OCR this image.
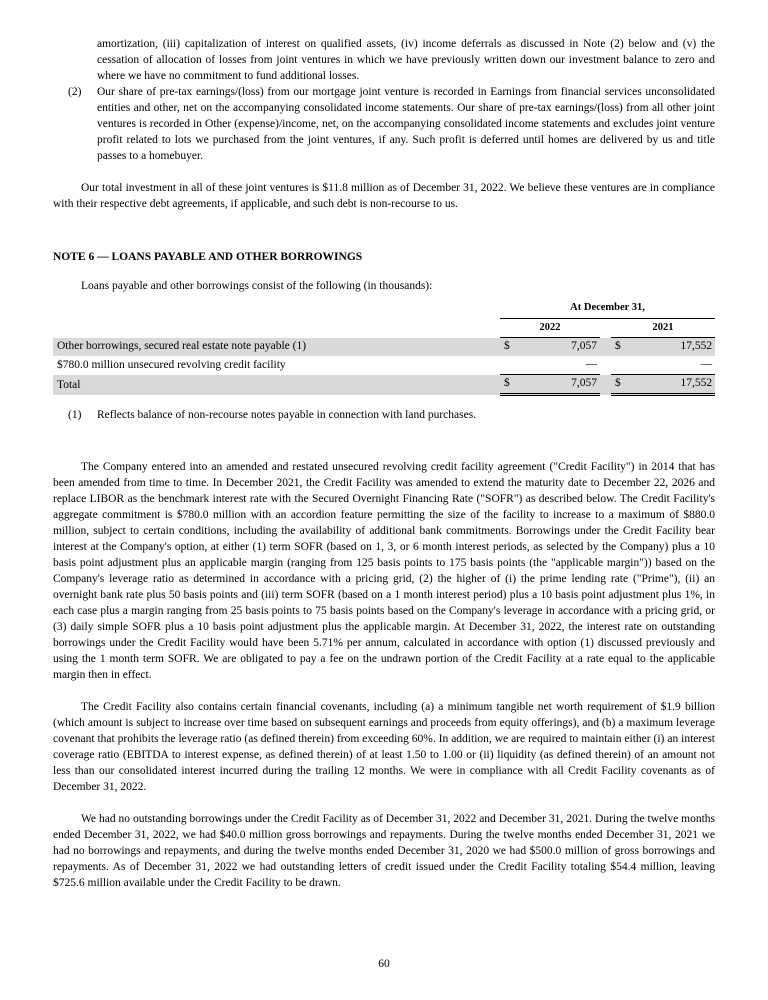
amortization, (iii) capitalization of interest on qualified assets, (iv) income deferrals as discussed in Note (2) below and (v) the cessation of allocation of losses from joint ventures in which we have previously written down our investment balance to zero and where we have no commitment to fund additional losses.
(2) Our share of pre-tax earnings/(loss) from our mortgage joint venture is recorded in Earnings from financial services unconsolidated entities and other, net on the accompanying consolidated income statements. Our share of pre-tax earnings/(loss) from all other joint ventures is recorded in Other (expense)/income, net, on the accompanying consolidated income statements and excludes joint venture profit related to lots we purchased from the joint ventures, if any. Such profit is deferred until homes are delivered by us and title passes to a homebuyer.

Our total investment in all of these joint ventures is $11.8 million as of December 31, 2022. We believe these ventures are in compliance with their respective debt agreements, if applicable, and such debt is non-recourse to us.

NOTE 6 — LOANS PAYABLE AND OTHER BORROWINGS

Loans payable and other borrowings consist of the following (in thousands):

	At December 31,				
	2022			2021	
Other borrowings, secured real estate note payable (1)	$	7,057		$	17,552
$780.0 million unsecured revolving credit facility		—			—
Total	$	7,057		$	17,552
(1) Reflects balance of non-recourse notes payable in connection with land purchases.

The Company entered into an amended and restated unsecured revolving credit facility agreement ("Credit Facility") in 2014 that has been amended from time to time. In December 2021, the Credit Facility was amended to extend the maturity date to December 22, 2026 and replace LIBOR as the benchmark interest rate with the Secured Overnight Financing Rate ("SOFR") as described below. The Credit Facility's aggregate commitment is $780.0 million with an accordion feature permitting the size of the facility to increase to a maximum of $880.0 million, subject to certain conditions, including the availability of additional bank commitments. Borrowings under the Credit Facility bear interest at the Company's option, at either (1) term SOFR (based on 1, 3, or 6 month interest periods, as selected by the Company) plus a 10 basis point adjustment plus an applicable margin (ranging from 125 basis points to 175 basis points (the "applicable margin")) based on the Company's leverage ratio as determined in accordance with a pricing grid, (2) the higher of (i) the prime lending rate ("Prime"), (ii) an overnight bank rate plus 50 basis points and (iii) term SOFR (based on a 1 month interest period) plus a 10 basis point adjustment plus 1%, in each case plus a margin ranging from 25 basis points to 75 basis points based on the Company's leverage in accordance with a pricing grid, or (3) daily simple SOFR plus a 10 basis point adjustment plus the applicable margin. At December 31, 2022, the interest rate on outstanding borrowings under the Credit Facility would have been 5.71% per annum, calculated in accordance with option (1) discussed previously and using the 1 month term SOFR. We are obligated to pay a fee on the undrawn portion of the Credit Facility at a rate equal to the applicable margin then in effect.

The Credit Facility also contains certain financial covenants, including (a) a minimum tangible net worth requirement of $1.9 billion (which amount is subject to increase over time based on subsequent earnings and proceeds from equity offerings), and (b) a maximum leverage covenant that prohibits the leverage ratio (as defined therein) from exceeding 60%. In addition, we are required to maintain either (i) an interest coverage ratio (EBITDA to interest expense, as defined therein) of at least 1.50 to 1.00 or (ii) liquidity (as defined therein) of an amount not less than our consolidated interest incurred during the trailing 12 months. We were in compliance with all Credit Facility covenants as of December 31, 2022.

We had no outstanding borrowings under the Credit Facility as of December 31, 2022 and December 31, 2021. During the twelve months ended December 31, 2022, we had $40.0 million gross borrowings and repayments. During the twelve months ended December 31, 2021 we had no borrowings and repayments, and during the twelve months ended December 31, 2020 we had $500.0 million of gross borrowings and repayments. As of December 31, 2022 we had outstanding letters of credit issued under the Credit Facility totaling $54.4 million, leaving $725.6 million available under the Credit Facility to be drawn.

60
